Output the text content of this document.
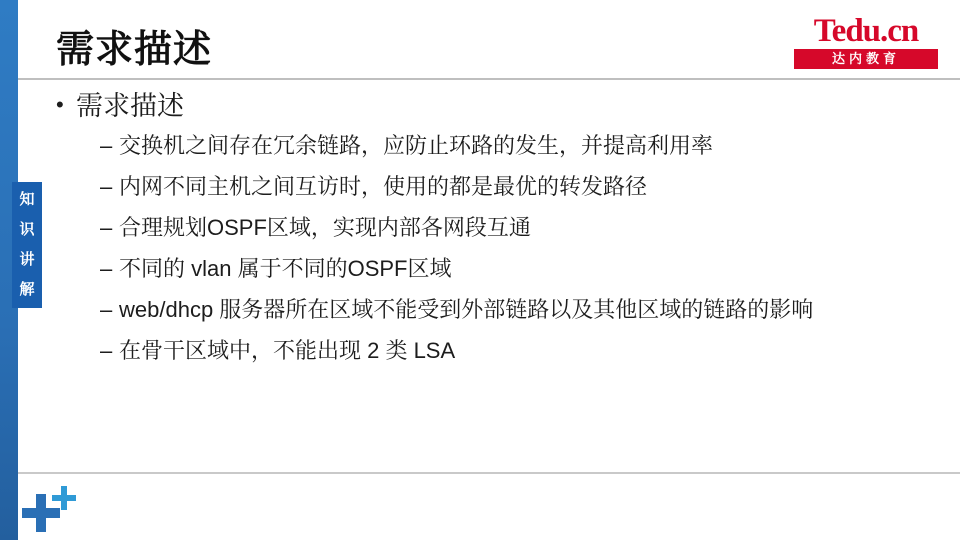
知
识
讲
解
需求描述	Tedu.cn
达内教育
• 需求描述
– 交换机之间存在冗余链路，应防止环路的发生，并提高利用率
– 内网不同主机之间互访时，使用的都是最优的转发路径
– 合理规划OSPF区域，实现内部各网段互通
– 不同的 vlan 属于不同的OSPF区域
– web/dhcp 服务器所在区域不能受到外部链路以及其他区域的链路的影响
– 在骨干区域中，不能出现 2 类 LSA
